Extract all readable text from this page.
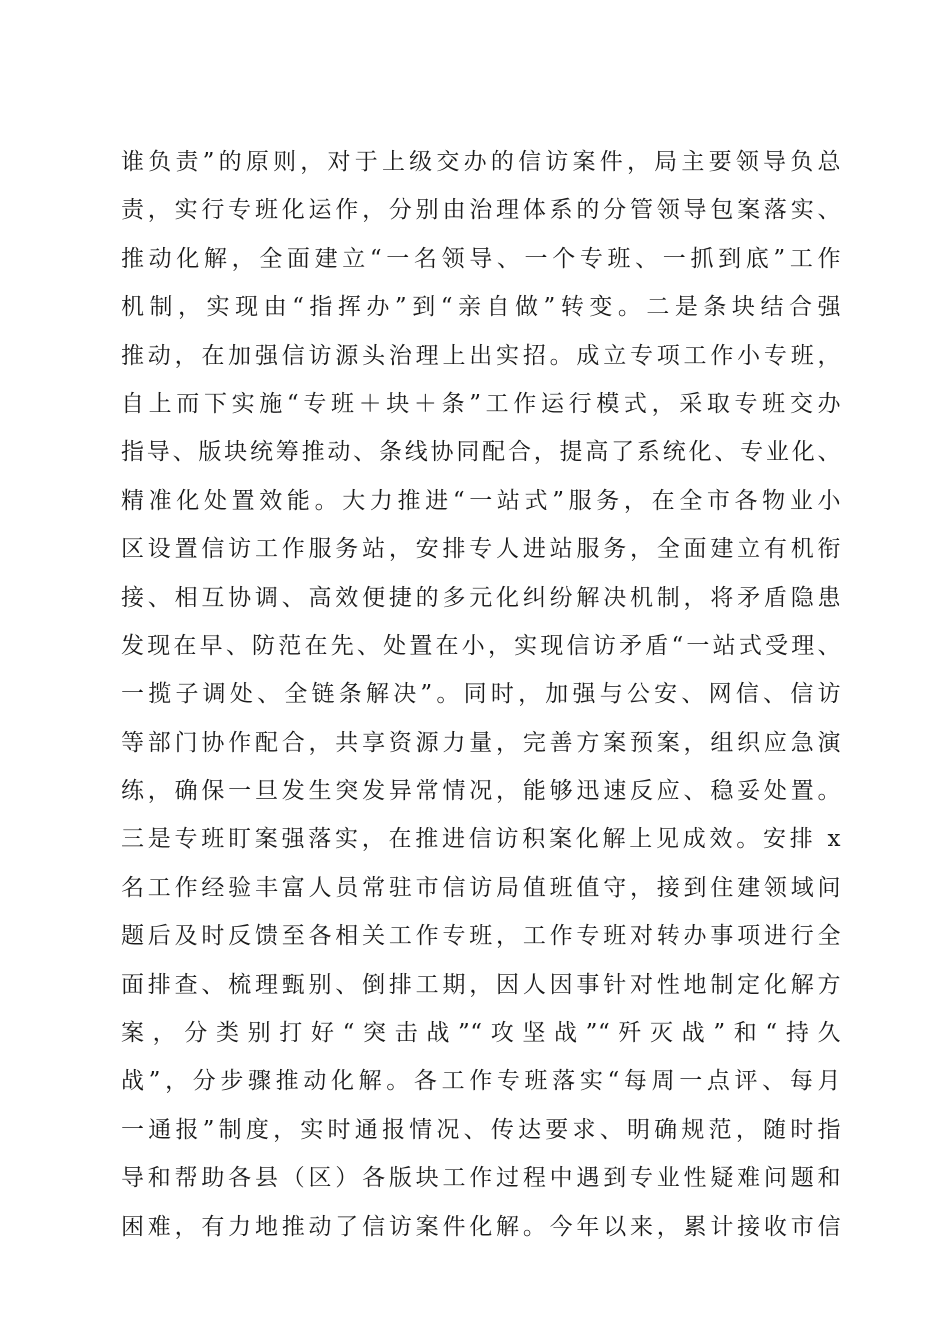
谁负责”的原则，对于上级交办的信访案件，局主要领导负总
责，实行专班化运作，分别由治理体系的分管领导包案落实、
推动化解，全面建立“一名领导、一个专班、一抓到底”工作
机制，实现由“指挥办”到“亲自做”转变。二是条块结合强
推动，在加强信访源头治理上出实招。成立专项工作小专班，
自上而下实施“专班＋块＋条”工作运行模式，采取专班交办
指导、版块统筹推动、条线协同配合，提高了系统化、专业化、
精准化处置效能。大力推进“一站式”服务，在全市各物业小
区设置信访工作服务站，安排专人进站服务，全面建立有机衔
接、相互协调、高效便捷的多元化纠纷解决机制，将矛盾隐患
发现在早、防范在先、处置在小，实现信访矛盾“一站式受理、
一揽子调处、全链条解决”。同时，加强与公安、网信、信访
等部门协作配合，共享资源力量，完善方案预案，组织应急演
练，确保一旦发生突发异常情况，能够迅速反应、稳妥处置。
三是专班盯案强落实，在推进信访积案化解上见成效。安排 x
名工作经验丰富人员常驻市信访局值班值守，接到住建领域问
题后及时反馈至各相关工作专班，工作专班对转办事项进行全
面排查、梳理甄别、倒排工期，因人因事针对性地制定化解方
案，分类别打好“突击战”“攻坚战”“歼灭战”和“持久
战”，分步骤推动化解。各工作专班落实“每周一点评、每月
一通报”制度，实时通报情况、传达要求、明确规范，随时指
导和帮助各县（区）各版块工作过程中遇到专业性疑难问题和
困难，有力地推动了信访案件化解。今年以来，累计接收市信
